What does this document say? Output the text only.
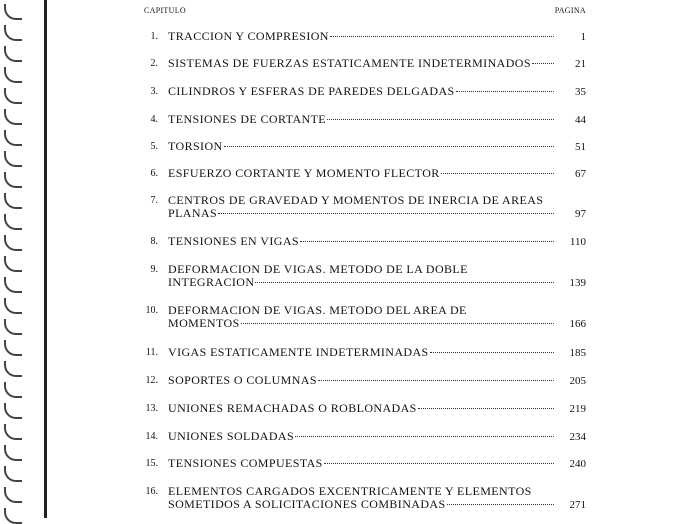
CAPITULO	PAGINA
1. TRACCION Y COMPRESION	1
2. SISTEMAS DE FUERZAS ESTATICAMENTE INDETERMINADOS	21
3. CILINDROS Y ESFERAS DE PAREDES DELGADAS	35
4. TENSIONES DE CORTANTE	44
5. TORSION	51
6. ESFUERZO CORTANTE Y MOMENTO FLECTOR	67
7. CENTROS DE GRAVEDAD Y MOMENTOS DE INERCIA DE AREAS
PLANAS	97
8. TENSIONES EN VIGAS	110
9. DEFORMACION DE VIGAS. METODO DE LA DOBLE
INTEGRACION	139
10. DEFORMACION DE VIGAS. METODO DEL AREA DE
MOMENTOS	166
11. VIGAS ESTATICAMENTE INDETERMINADAS	185
12. SOPORTES O COLUMNAS	205
13. UNIONES REMACHADAS O ROBLONADAS	219
14. UNIONES SOLDADAS	234
15. TENSIONES COMPUESTAS	240
16. ELEMENTOS CARGADOS EXCENTRICAMENTE Y ELEMENTOS
SOMETIDOS A SOLICITACIONES COMBINADAS	271
